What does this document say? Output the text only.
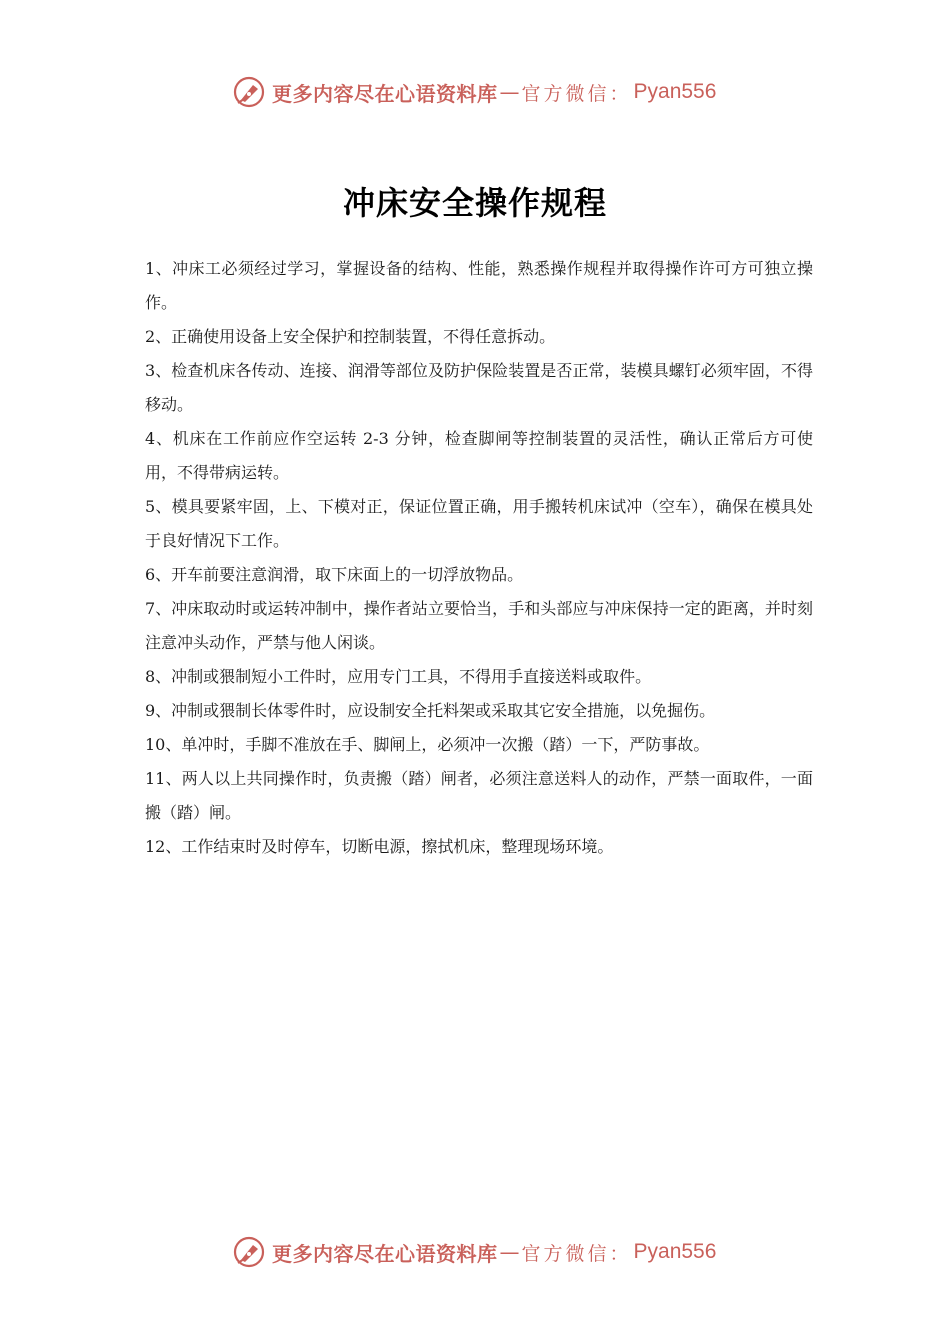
更多内容尽在心语资料库 — 官方微信： Pyan556
冲床安全操作规程
1、冲床工必须经过学习，掌握设备的结构、性能，熟悉操作规程并取得操作许可方可独立操作。
2、正确使用设备上安全保护和控制装置，不得任意拆动。
3、检查机床各传动、连接、润滑等部位及防护保险装置是否正常，装模具螺钉必须牢固，不得移动。
4、机床在工作前应作空运转 2-3 分钟，检查脚闸等控制装置的灵活性，确认正常后方可使用，不得带病运转。
5、模具要紧牢固，上、下模对正，保证位置正确，用手搬转机床试冲（空车），确保在模具处于良好情况下工作。
6、开车前要注意润滑，取下床面上的一切浮放物品。
7、冲床取动时或运转冲制中，操作者站立要恰当，手和头部应与冲床保持一定的距离，并时刻注意冲头动作，严禁与他人闲谈。
8、冲制或猥制短小工件时，应用专门工具，不得用手直接送料或取件。
9、冲制或猥制长体零件时，应设制安全托料架或采取其它安全措施，以免掘伤。
10、单冲时，手脚不准放在手、脚闸上，必须冲一次搬（踏）一下，严防事故。
11、两人以上共同操作时，负责搬（踏）闸者，必须注意送料人的动作，严禁一面取件，一面搬（踏）闸。
12、工作结束时及时停车，切断电源，擦拭机床，整理现场环境。
更多内容尽在心语资料库 — 官方微信： Pyan556
